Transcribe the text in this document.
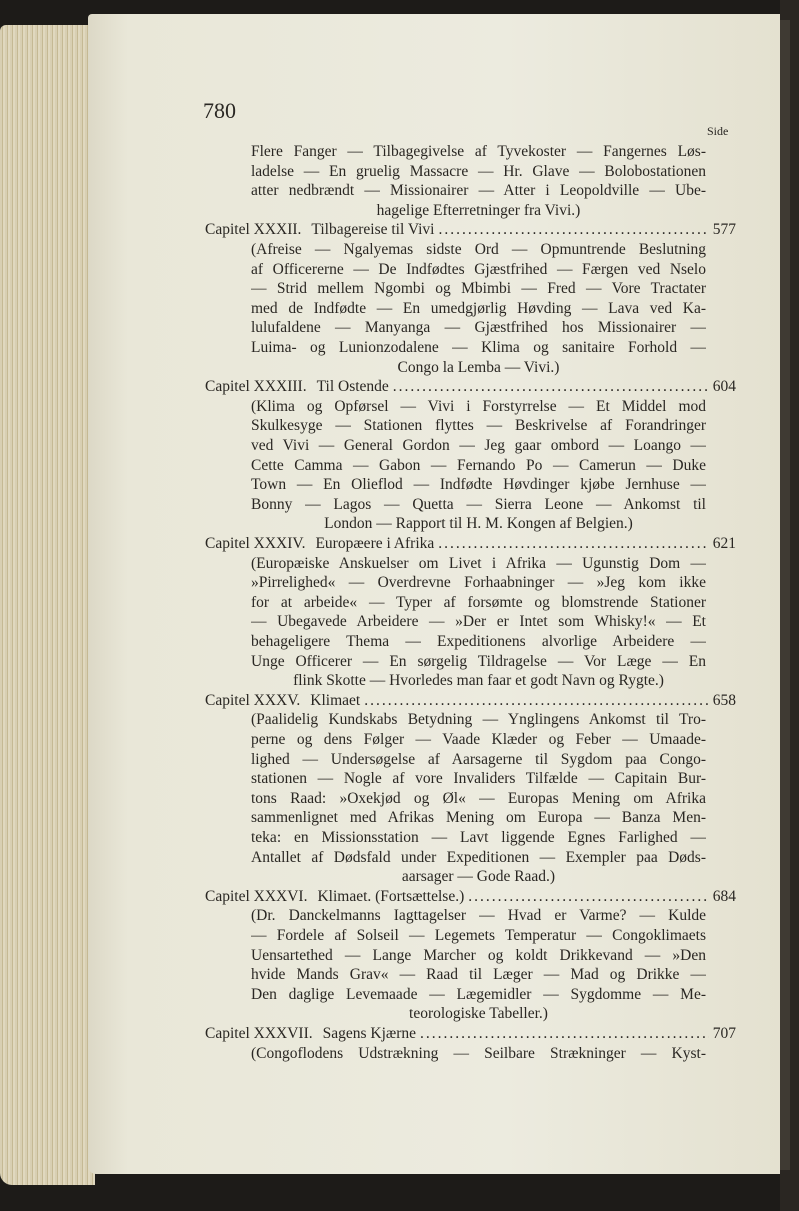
780
Side
Flere Fanger — Tilbagegivelse af Tyvekoster — Fangernes Løs-
ladelse — En gruelig Massacre — Hr. Glave — Bolobostationen
atter nedbrændt — Missionairer — Atter i Leopoldville — Ube-
hagelige Efterretninger fra Vivi.)
Capitel XXXII. Tilbagereise til Vivi .....	577
(Afreise — Ngalyemas sidste Ord — Opmuntrende Beslutning
af Officererne — De Indfødtes Gjæstfrihed — Færgen ved Nselo
— Strid mellem Ngombi og Mbimbi — Fred — Vore Tractater
med de Indfødte — En umedgjørlig Høvding — Lava ved Ka-
lulufaldene — Manyanga — Gjæstfrihed hos Missionairer —
Luima- og Lunionzodalene — Klima og sanitaire Forhold —
Congo la Lemba — Vivi.)
Capitel XXXIII. Til Ostende .....	604
(Klima og Opførsel — Vivi i Forstyrrelse — Et Middel mod
Skulkesyge — Stationen flyttes — Beskrivelse af Forandringer
ved Vivi — General Gordon — Jeg gaar ombord — Loango —
Cette Camma — Gabon — Fernando Po — Camerun — Duke
Town — En Olieflod — Indfødte Høvdinger kjøbe Jernhuse —
Bonny — Lagos — Quetta — Sierra Leone — Ankomst til
London — Rapport til H. M. Kongen af Belgien.)
Capitel XXXIV. Europæere i Afrika .....	621
(Europæiske Anskuelser om Livet i Afrika — Ugunstig Dom —
»Pirrelighed« — Overdrevne Forhaabninger — »Jeg kom ikke
for at arbeide« — Typer af forsømte og blomstrende Stationer
— Ubegavede Arbeidere — »Der er Intet som Whisky!« — Et
behageligere Thema — Expeditionens alvorlige Arbeidere —
Unge Officerer — En sørgelig Tildragelse — Vor Læge — En
flink Skotte — Hvorledes man faar et godt Navn og Rygte.)
Capitel XXXV. Klimaet .....	658
(Paalidelig Kundskabs Betydning — Ynglingens Ankomst til Tro-
perne og dens Følger — Vaade Klæder og Feber — Umaade-
lighed — Undersøgelse af Aarsagerne til Sygdom paa Congo-
stationen — Nogle af vore Invaliders Tilfælde — Capitain Bur-
tons Raad: »Oxekjød og Øl« — Europas Mening om Afrika
sammenlignet med Afrikas Mening om Europa — Banza Men-
teka: en Missionsstation — Lavt liggende Egnes Farlighed —
Antallet af Dødsfald under Expeditionen — Exempler paa Døds-
aarsager — Gode Raad.)
Capitel XXXVI. Klimaet. (Fortsættelse.) .....	684
(Dr. Danckelmanns Iagttagelser — Hvad er Varme? — Kulde
— Fordele af Solseil — Legemets Temperatur — Congoklimaets
Uensartethed — Lange Marcher og koldt Drikkevand — »Den
hvide Mands Grav« — Raad til Læger — Mad og Drikke —
Den daglige Levemaade — Lægemidler — Sygdomme — Me-
teorologiske Tabeller.)
Capitel XXXVII. Sagens Kjærne .....	707
(Congoflodens Udstrækning — Seilbare Strækninger — Kyst-
